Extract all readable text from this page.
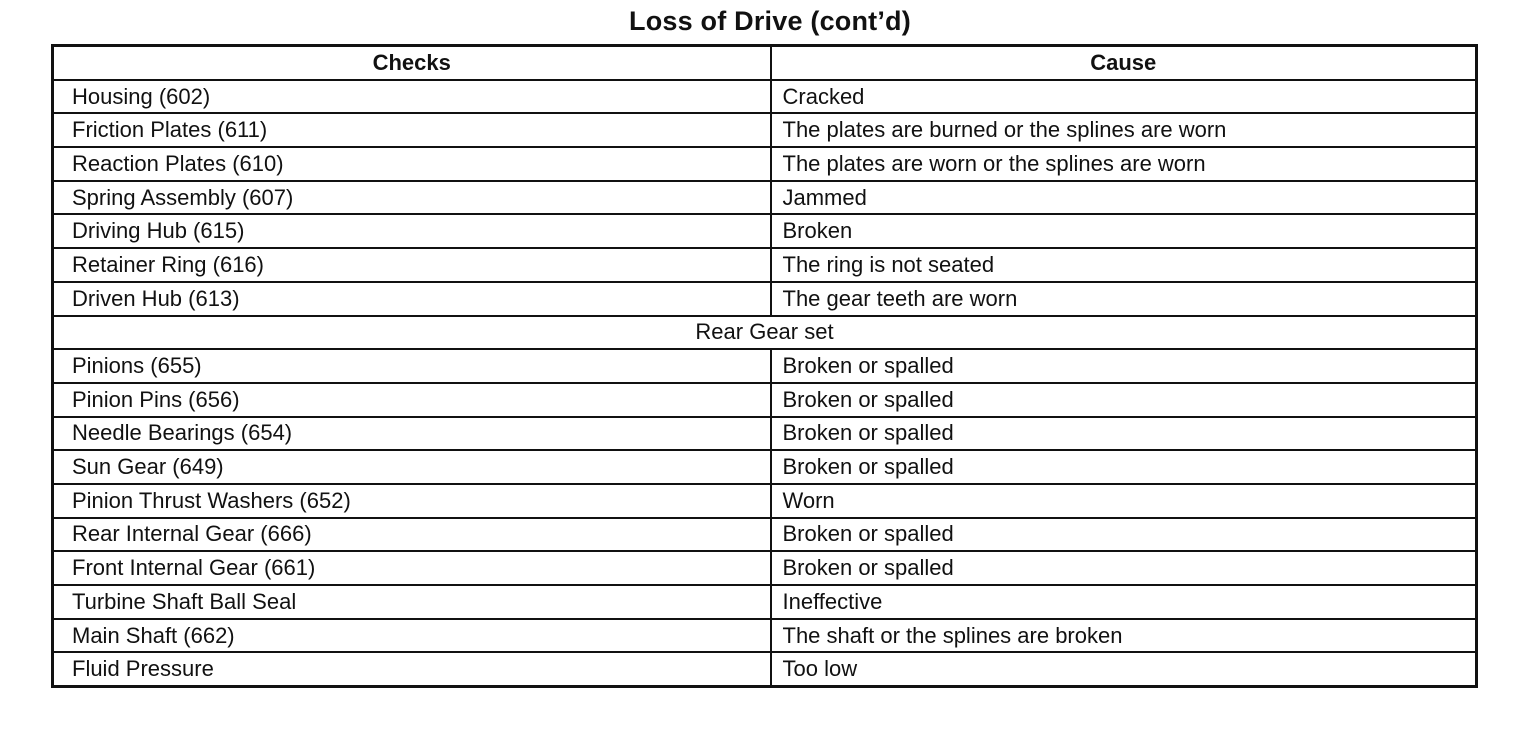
Loss of Drive (cont’d)
Checks	Cause
Housing (602)	Cracked
Friction Plates (611)	The plates are burned or the splines are worn
Reaction Plates (610)	The plates are worn or the splines are worn
Spring Assembly (607)	Jammed
Driving Hub (615)	Broken
Retainer Ring (616)	The ring is not seated
Driven Hub (613)	The gear teeth are worn
Rear Gear set	
Pinions (655)	Broken or spalled
Pinion Pins (656)	Broken or spalled
Needle Bearings (654)	Broken or spalled
Sun Gear (649)	Broken or spalled
Pinion Thrust Washers (652)	Worn
Rear Internal Gear (666)	Broken or spalled
Front Internal Gear (661)	Broken or spalled
Turbine Shaft Ball Seal	Ineffective
Main Shaft (662)	The shaft or the splines are broken
Fluid Pressure	Too low
